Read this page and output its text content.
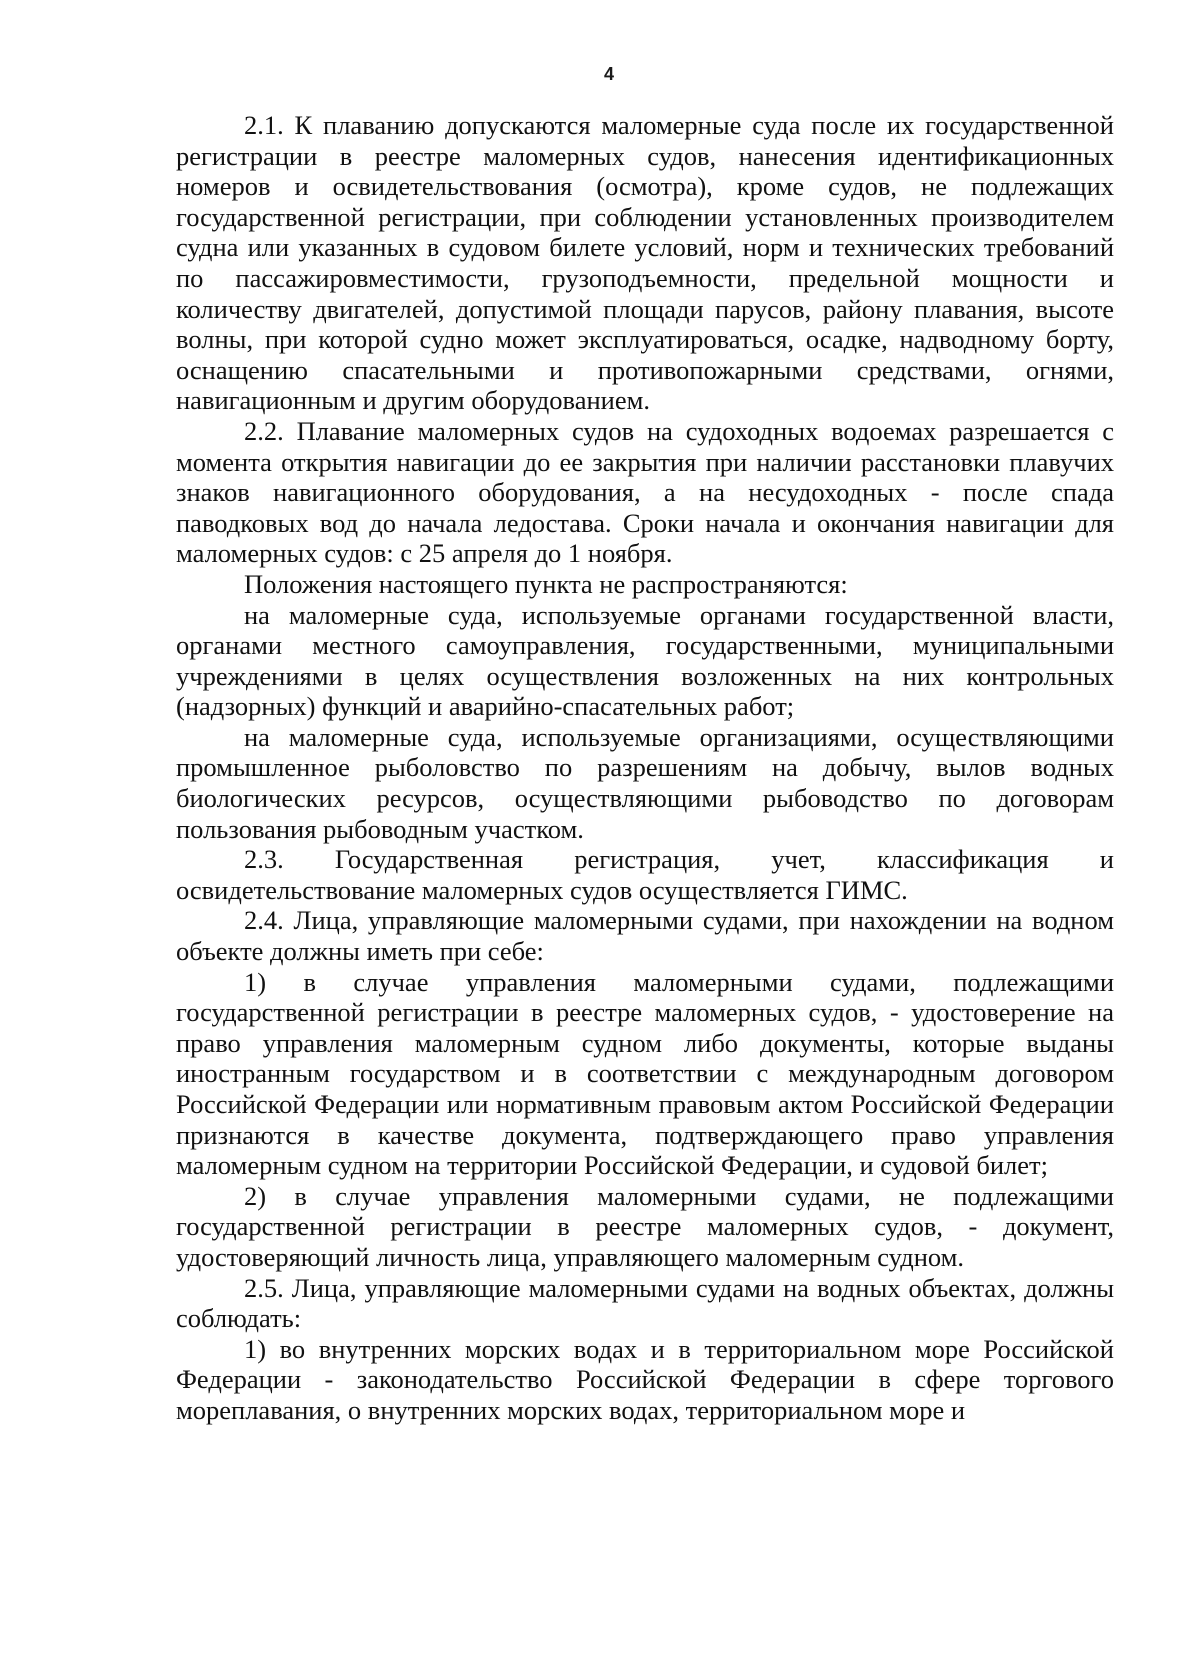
4

2.1. К плаванию допускаются маломерные суда после их государственной регистрации в реестре маломерных судов, нанесения идентификационных номеров и освидетельствования (осмотра), кроме судов, не подлежащих государственной регистрации, при соблюдении установленных производителем судна или указанных в судовом билете условий, норм и технических требований по пассажировместимости, грузоподъемности, предельной мощности и количеству двигателей, допустимой площади парусов, району плавания, высоте волны, при которой судно может эксплуатироваться, осадке, надводному борту, оснащению спасательными и противопожарными средствами, огнями, навигационным и другим оборудованием.

2.2. Плавание маломерных судов на судоходных водоемах разрешается с момента открытия навигации до ее закрытия при наличии расстановки плавучих знаков навигационного оборудования, а на несудоходных - после спада паводковых вод до начала ледостава. Сроки начала и окончания навигации для маломерных судов: с 25 апреля до 1 ноября.

Положения настоящего пункта не распространяются:

на маломерные суда, используемые органами государственной власти, органами местного самоуправления, государственными, муниципальными учреждениями в целях осуществления возложенных на них контрольных (надзорных) функций и аварийно-спасательных работ;

на маломерные суда, используемые организациями, осуществляющими промышленное рыболовство по разрешениям на добычу, вылов водных биологических ресурсов, осуществляющими рыбоводство по договорам пользования рыбоводным участком.

2.3. Государственная регистрация, учет, классификация и освидетельствование маломерных судов осуществляется ГИМС.

2.4. Лица, управляющие маломерными судами, при нахождении на водном объекте должны иметь при себе:

1) в случае управления маломерными судами, подлежащими государственной регистрации в реестре маломерных судов, - удостоверение на право управления маломерным судном либо документы, которые выданы иностранным государством и в соответствии с международным договором Российской Федерации или нормативным правовым актом Российской Федерации признаются в качестве документа, подтверждающего право управления маломерным судном на территории Российской Федерации, и судовой билет;

2) в случае управления маломерными судами, не подлежащими государственной регистрации в реестре маломерных судов, - документ, удостоверяющий личность лица, управляющего маломерным судном.

2.5. Лица, управляющие маломерными судами на водных объектах, должны соблюдать:

1) во внутренних морских водах и в территориальном море Российской Федерации - законодательство Российской Федерации в сфере торгового мореплавания, о внутренних морских водах, территориальном море и
